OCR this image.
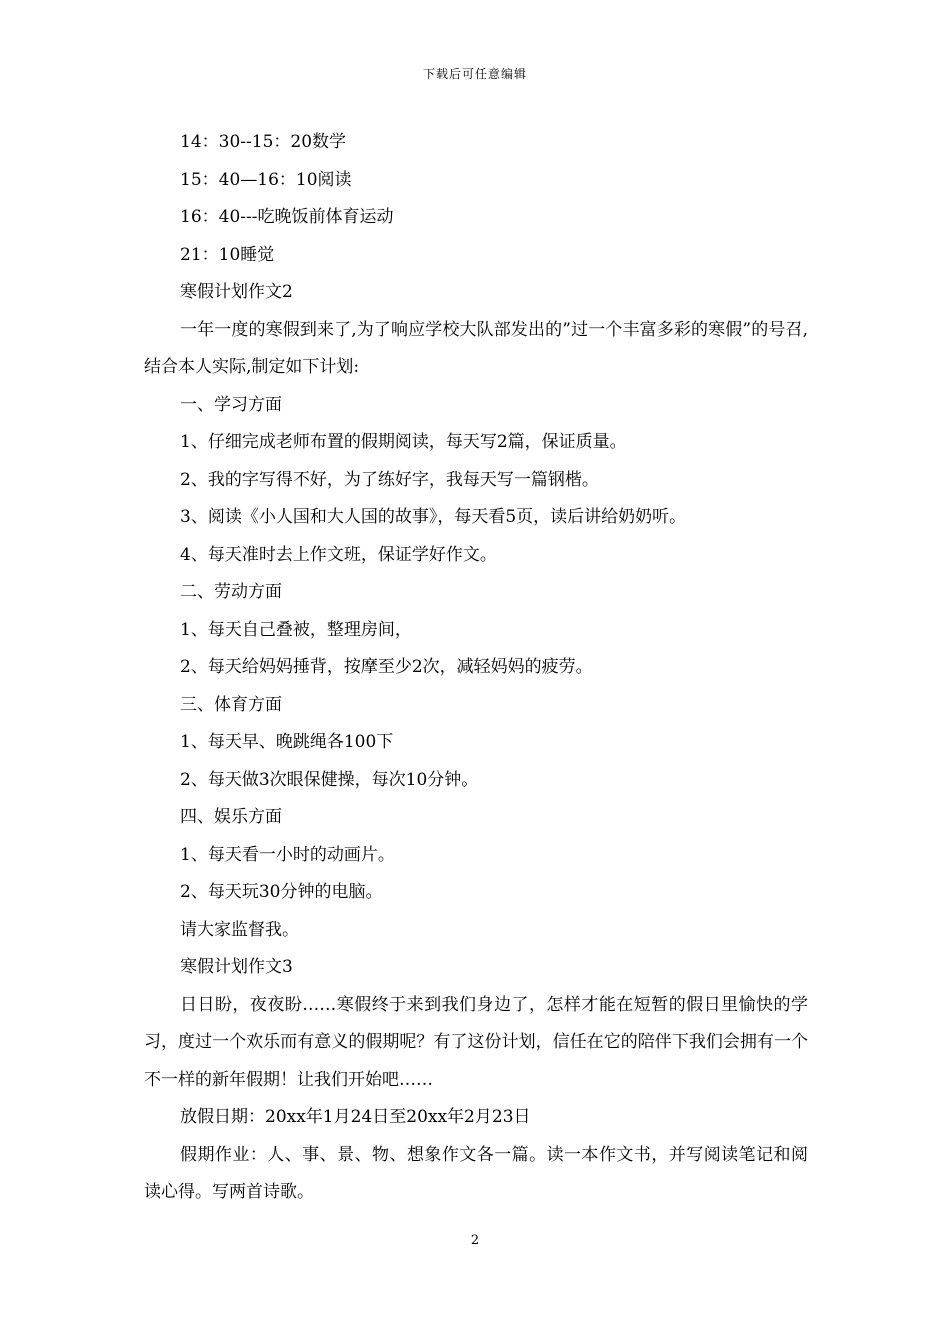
下载后可任意编辑

14：30--15：20数学

15：40—16：10阅读

16：40---吃晚饭前体育运动

21：10睡觉

寒假计划作文2

一年一度的寒假到来了,为了响应学校大队部发出的”过一个丰富多彩的寒假”的号召,结合本人实际,制定如下计划:

一、学习方面

1、仔细完成老师布置的假期阅读，每天写2篇，保证质量。

2、我的字写得不好，为了练好字，我每天写一篇钢楷。

3、阅读《小人国和大人国的故事》，每天看5页，读后讲给奶奶听。

4、每天准时去上作文班，保证学好作文。

二、劳动方面

1、每天自己叠被，整理房间，

2、每天给妈妈捶背，按摩至少2次，减轻妈妈的疲劳。

三、体育方面

1、每天早、晚跳绳各100下

2、每天做3次眼保健操，每次10分钟。

四、娱乐方面

1、每天看一小时的动画片。

2、每天玩30分钟的电脑。

请大家监督我。

寒假计划作文3

日日盼，夜夜盼……寒假终于来到我们身边了，怎样才能在短暂的假日里愉快的学习，度过一个欢乐而有意义的假期呢？有了这份计划，信任在它的陪伴下我们会拥有一个不一样的新年假期！让我们开始吧……

放假日期：20xx年1月24日至20xx年2月23日

假期作业：人、事、景、物、想象作文各一篇。读一本作文书，并写阅读笔记和阅读心得。写两首诗歌。

2
